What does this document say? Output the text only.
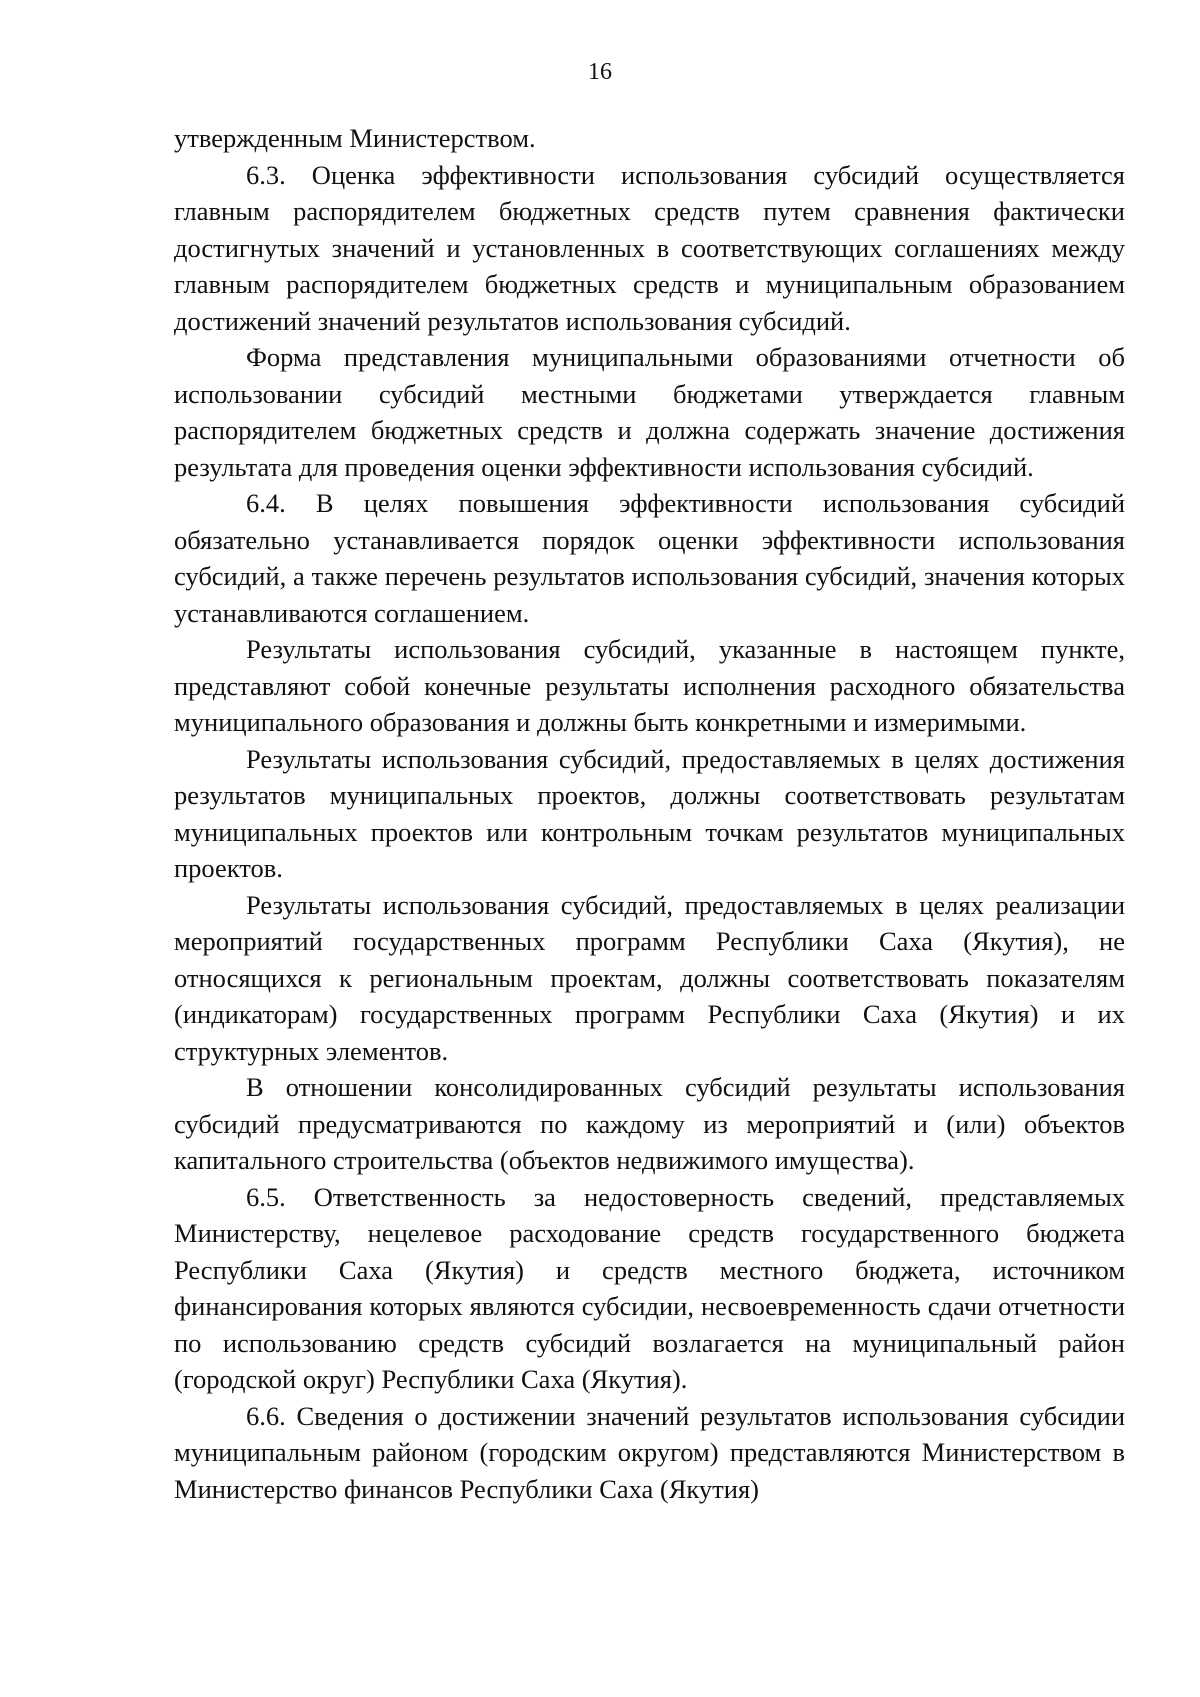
16

утвержденным Министерством.

6.3. Оценка эффективности использования субсидий осуществляется главным распорядителем бюджетных средств путем сравнения фактически достигнутых значений и установленных в соответствующих соглашениях между главным распорядителем бюджетных средств и муниципальным образованием достижений значений результатов использования субсидий.

Форма представления муниципальными образованиями отчетности об использовании субсидий местными бюджетами утверждается главным распорядителем бюджетных средств и должна содержать значение достижения результата для проведения оценки эффективности использования субсидий.

6.4. В целях повышения эффективности использования субсидий обязательно устанавливается порядок оценки эффективности использования субсидий, а также перечень результатов использования субсидий, значения которых устанавливаются соглашением.

Результаты использования субсидий, указанные в настоящем пункте, представляют собой конечные результаты исполнения расходного обязательства муниципального образования и должны быть конкретными и измеримыми.

Результаты использования субсидий, предоставляемых в целях достижения результатов муниципальных проектов, должны соответствовать результатам муниципальных проектов или контрольным точкам результатов муниципальных проектов.

Результаты использования субсидий, предоставляемых в целях реализации мероприятий государственных программ Республики Саха (Якутия), не относящихся к региональным проектам, должны соответствовать показателям (индикаторам) государственных программ Республики Саха (Якутия) и их структурных элементов.

В отношении консолидированных субсидий результаты использования субсидий предусматриваются по каждому из мероприятий и (или) объектов капитального строительства (объектов недвижимого имущества).

6.5. Ответственность за недостоверность сведений, представляемых Министерству, нецелевое расходование средств государственного бюджета Республики Саха (Якутия) и средств местного бюджета, источником финансирования которых являются субсидии, несвоевременность сдачи отчетности по использованию средств субсидий возлагается на муниципальный район (городской округ) Республики Саха (Якутия).

6.6. Сведения о достижении значений результатов использования субсидии муниципальным районом (городским округом) представляются Министерством в Министерство финансов Республики Саха (Якутия)
